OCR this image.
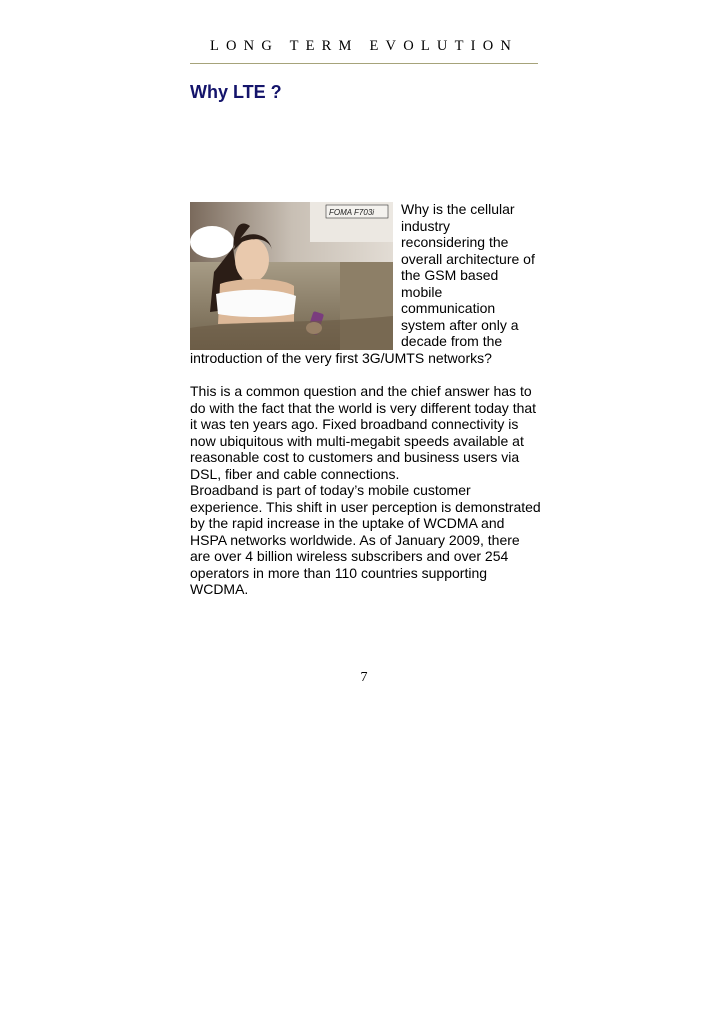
LONG TERM EVOLUTION
Why LTE ?
FOMA F703i Why is the cellular industry reconsidering the overall architecture of the GSM based mobile communication system after only a decade from the

introduction of the very first 3G/UMTS networks?

This is a common question and the chief answer has to do with the fact that the world is very different today that it was ten years ago. Fixed broadband connectivity is now ubiquitous with multi-megabit speeds available at reasonable cost to customers and business users via DSL, fiber and cable connections.

Broadband is part of today’s mobile customer experience. This shift in user perception is demonstrated by the rapid increase in the uptake of WCDMA and HSPA networks worldwide. As of January 2009, there are over 4 billion wireless subscribers and over 254 operators in more than 110 countries supporting WCDMA.

7
